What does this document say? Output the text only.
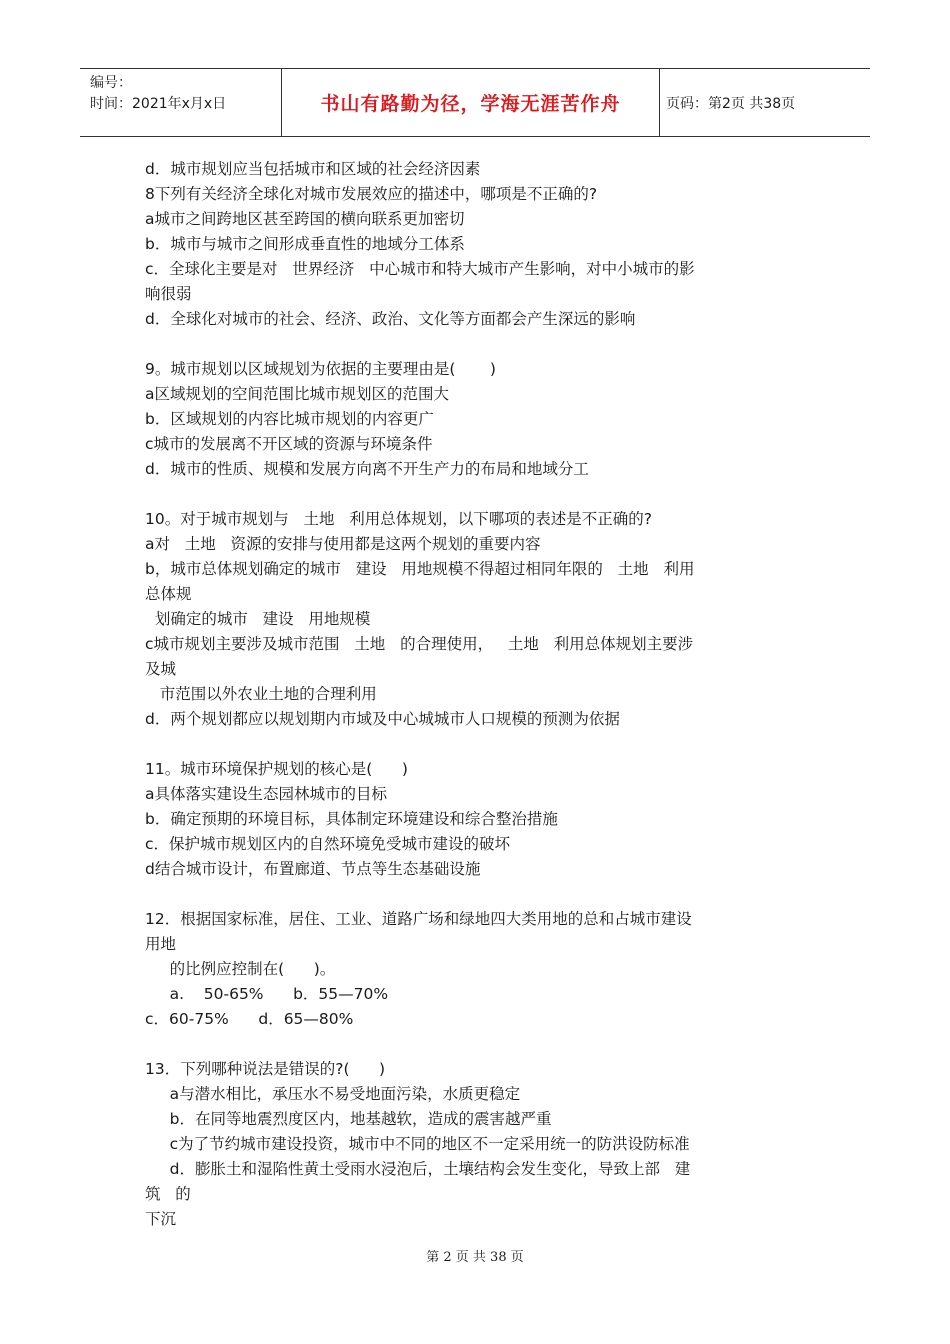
编号：
时间：2021年x月x日	书山有路勤为径，学海无涯苦作舟	页码：第2页 共38页

d．城市规划应当包括城市和区域的社会经济因素

8下列有关经济全球化对城市发展效应的描述中，哪项是不正确的?

a城市之间跨地区甚至跨国的横向联系更加密切

b．城市与城市之间形成垂直性的地域分工体系

c．全球化主要是对   世界经济   中心城市和特大城市产生影响，对中小城市的影

响很弱

d．全球化对城市的社会、经济、政治、文化等方面都会产生深远的影响

9。城市规划以区域规划为依据的主要理由是(       )

a区域规划的空间范围比城市规划区的范围大

b．区域规划的内容比城市规划的内容更广

c城市的发展离不开区域的资源与环境条件

d．城市的性质、规模和发展方向离不开生产力的布局和地域分工

10。对于城市规划与   土地   利用总体规划，以下哪项的表述是不正确的?

a对   土地   资源的安排与使用都是这两个规划的重要内容

b，城市总体规划确定的城市   建设   用地规模不得超过相同年限的   土地   利用

总体规

划确定的城市   建设   用地规模

c城市规划主要涉及城市范围   土地   的合理使用，   土地   利用总体规划主要涉

及城

市范围以外农业土地的合理利用

d．两个规划都应以规划期内市域及中心城城市人口规模的预测为依据

11。城市环境保护规划的核心是(      )

a具体落实建设生态园林城市的目标

b．确定预期的环境目标，具体制定环境建设和综合整治措施

c．保护城市规划区内的自然环境免受城市建设的破坏

d结合城市设计，布置廊道、节点等生态基础设施

12．根据国家标准，居住、工业、道路广场和绿地四大类用地的总和占城市建设

用地

的比例应控制在(      )。

a.    50-65%      b．55—70%

c．60-75%      d．65—80%

13．下列哪种说法是错误的?(      )

a与潜水相比，承压水不易受地面污染，水质更稳定

b．在同等地震烈度区内，地基越软，造成的震害越严重

c为了节约城市建设投资，城市中不同的地区不一定采用统一的防洪设防标准

d．膨胀土和湿陷性黄土受雨水浸泡后，土壤结构会发生变化，导致上部   建

筑   的

下沉

第 2 页 共 38 页
